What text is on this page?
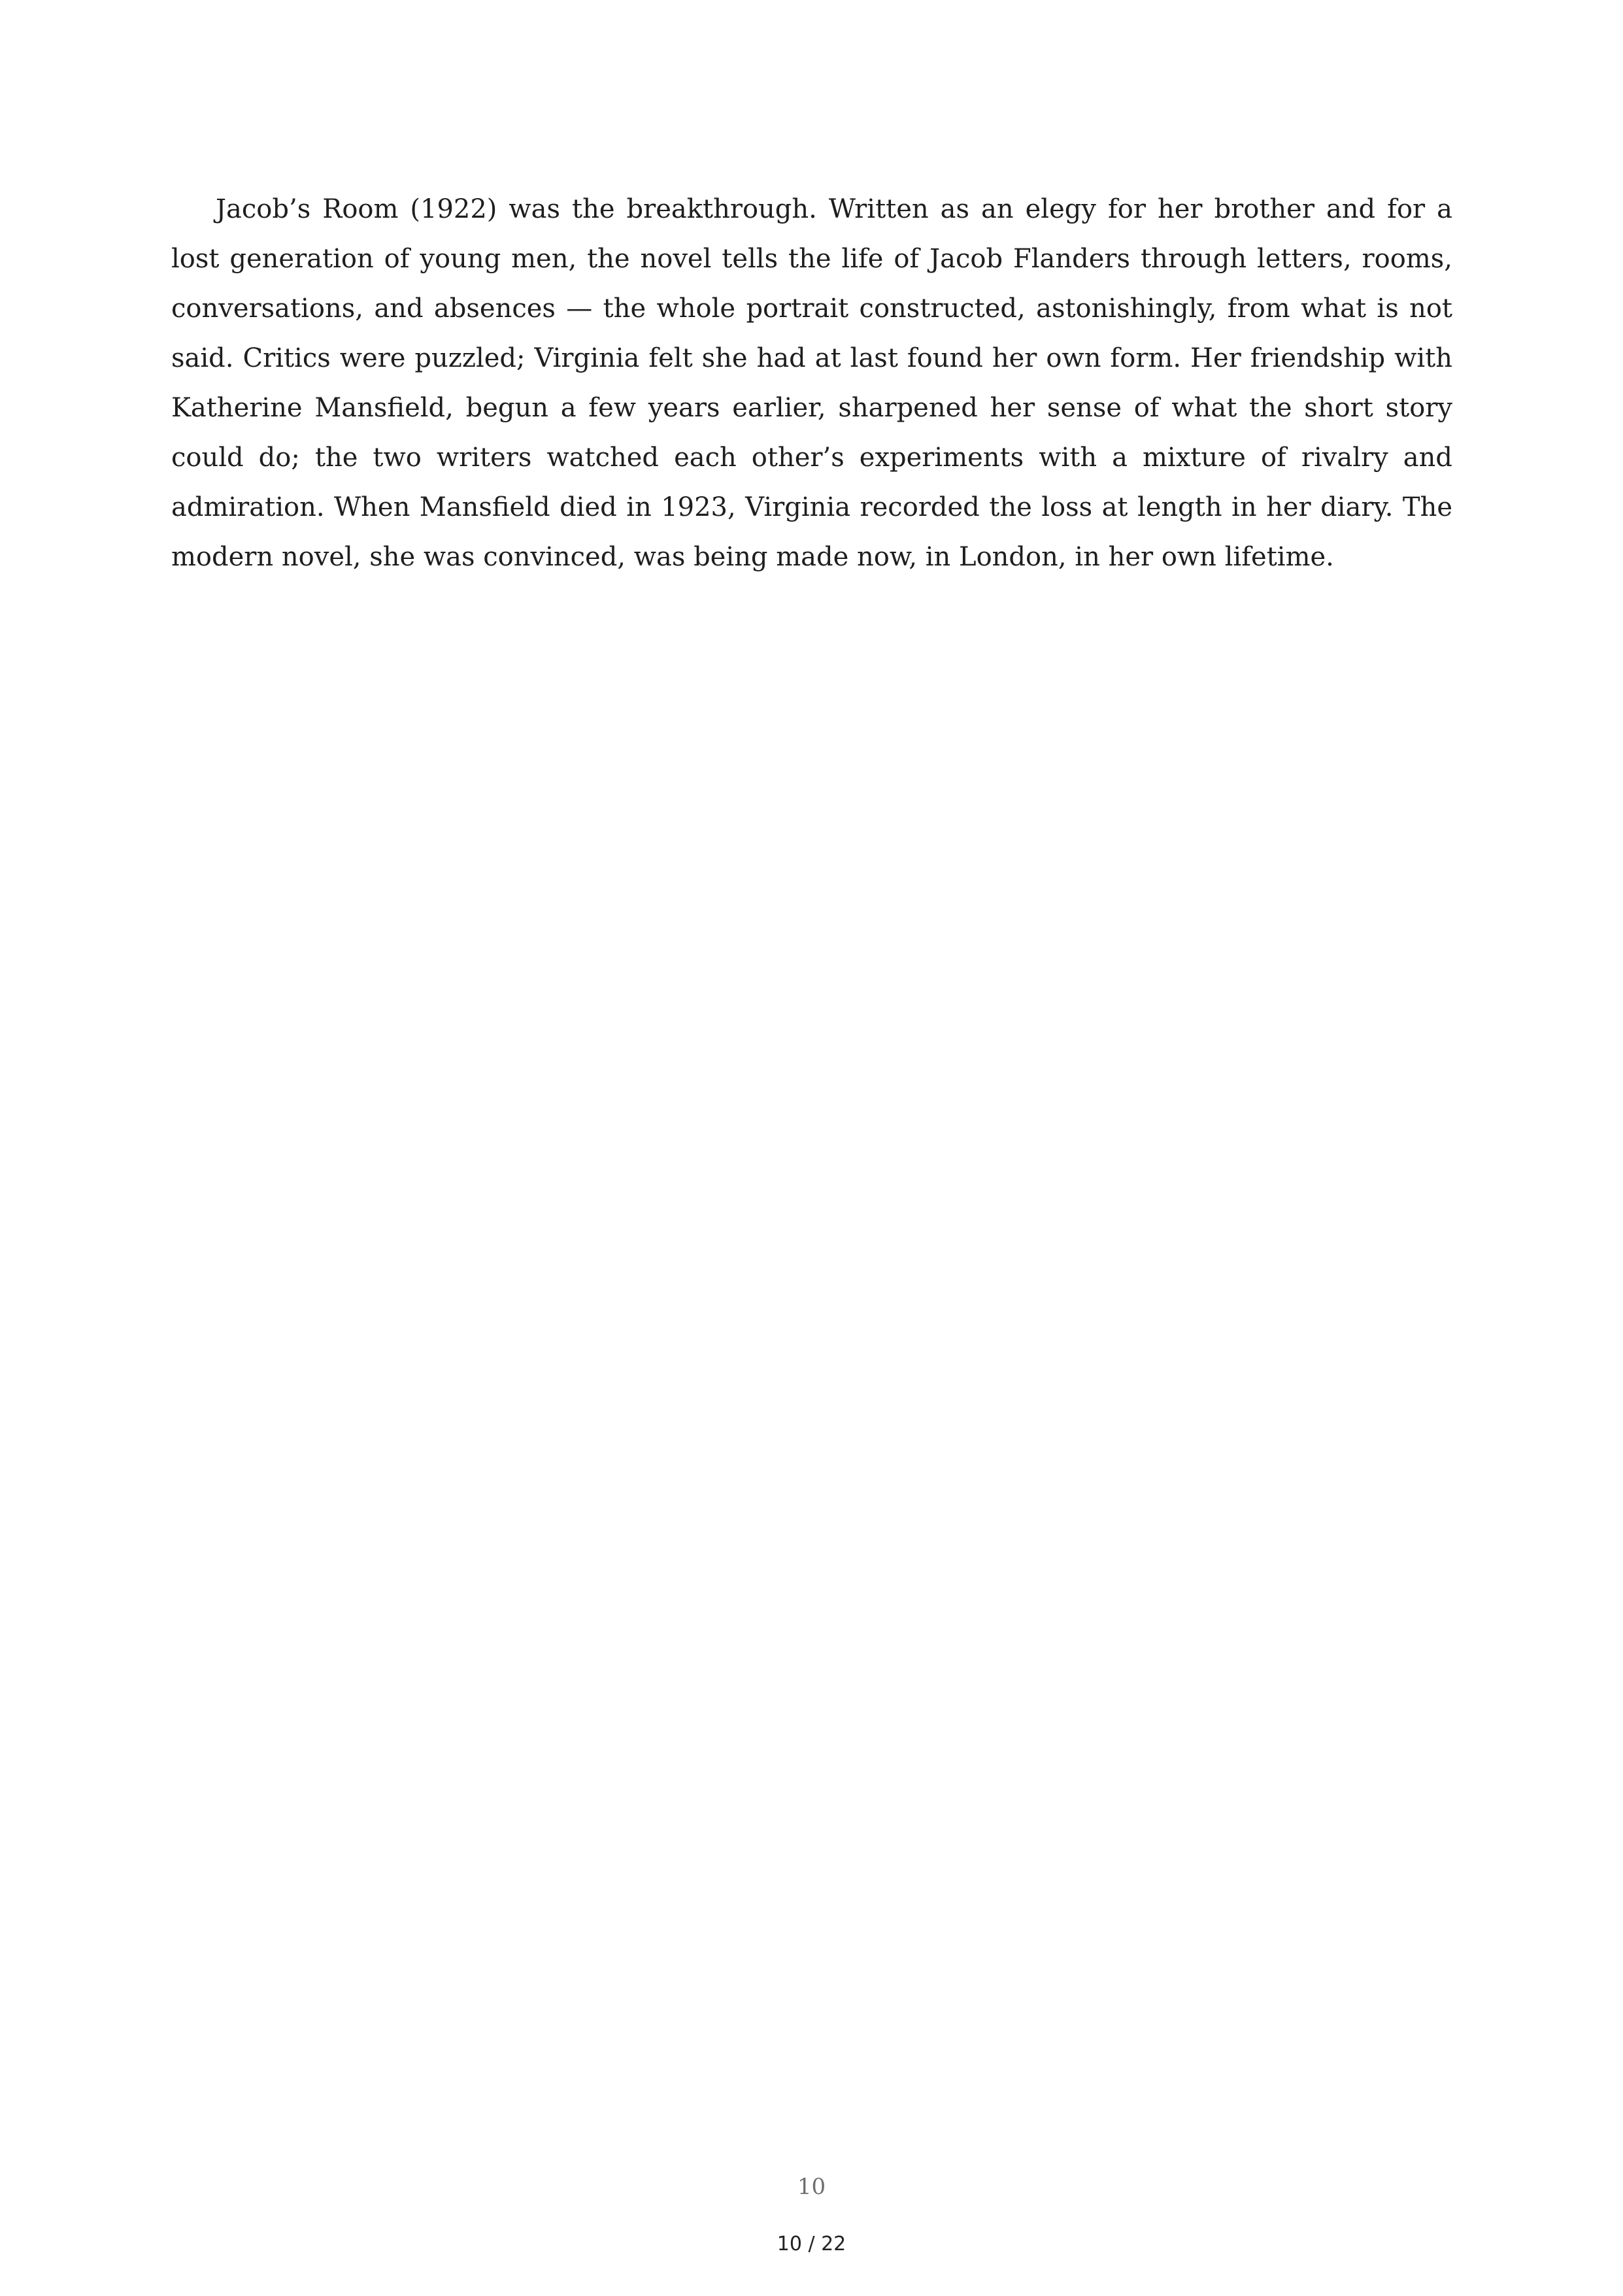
Jacob’s Room (1922) was the breakthrough. Written as an elegy for her brother and for a lost generation of young men, the novel tells the life of Jacob Flanders through letters, rooms, conversations, and absences — the whole portrait constructed, astonishingly, from what is not said. Critics were puzzled; Virginia felt she had at last found her own form. Her friendship with Katherine Mansfield, begun a few years earlier, sharpened her sense of what the short story could do; the two writers watched each other’s experiments with a mixture of rivalry and admiration. When Mansfield died in 1923, Virginia recorded the loss at length in her diary. The modern novel, she was convinced, was being made now, in London, in her own lifetime.

10
10 / 22
